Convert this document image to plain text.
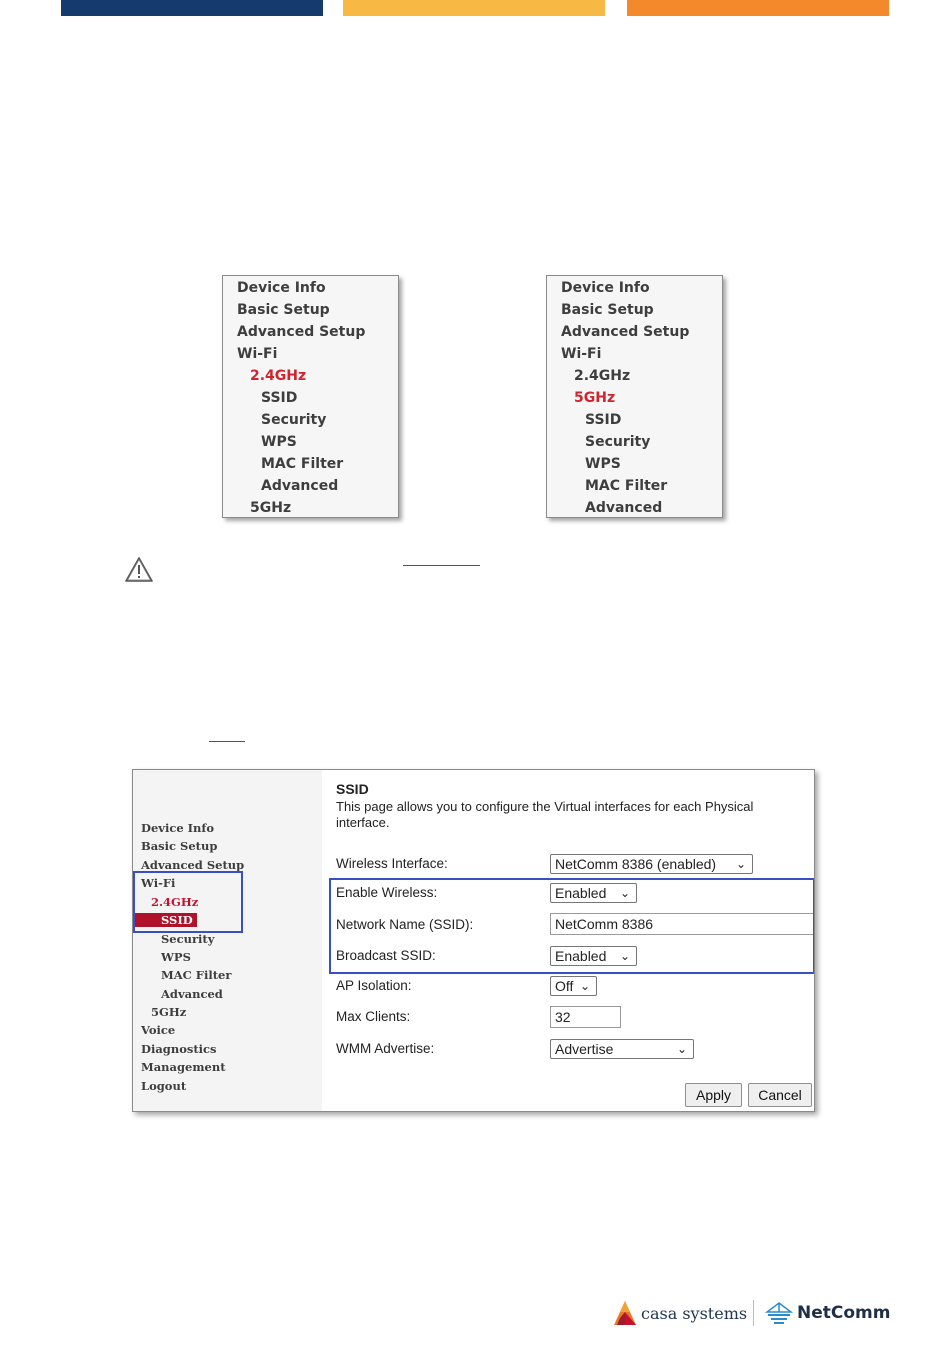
Device Info
Basic Setup
Advanced Setup
Wi-Fi
2.4GHz
SSID
Security
WPS
MAC Filter
Advanced
5GHz
Device Info
Basic Setup
Advanced Setup
Wi-Fi
2.4GHz
5GHz
SSID
Security
WPS
MAC Filter
Advanced
Device Info
Basic Setup
Advanced Setup
Wi-Fi
2.4GHz
SSID
Security
WPS
MAC Filter
Advanced
5GHz
Voice
Diagnostics
Management
Logout
SSID
This page allows you to configure the Virtual interfaces for each Physical interface.
Wireless Interface:	NetComm 8386 (enabled) ⌄
Enable Wireless:	Enabled ⌄
Network Name (SSID):	NetComm 8386
Broadcast SSID:	Enabled ⌄
AP Isolation:	Off ⌄
Max Clients:	32
WMM Advertise:	Advertise	⌄
Apply	Cancel
casa systems	NetComm
